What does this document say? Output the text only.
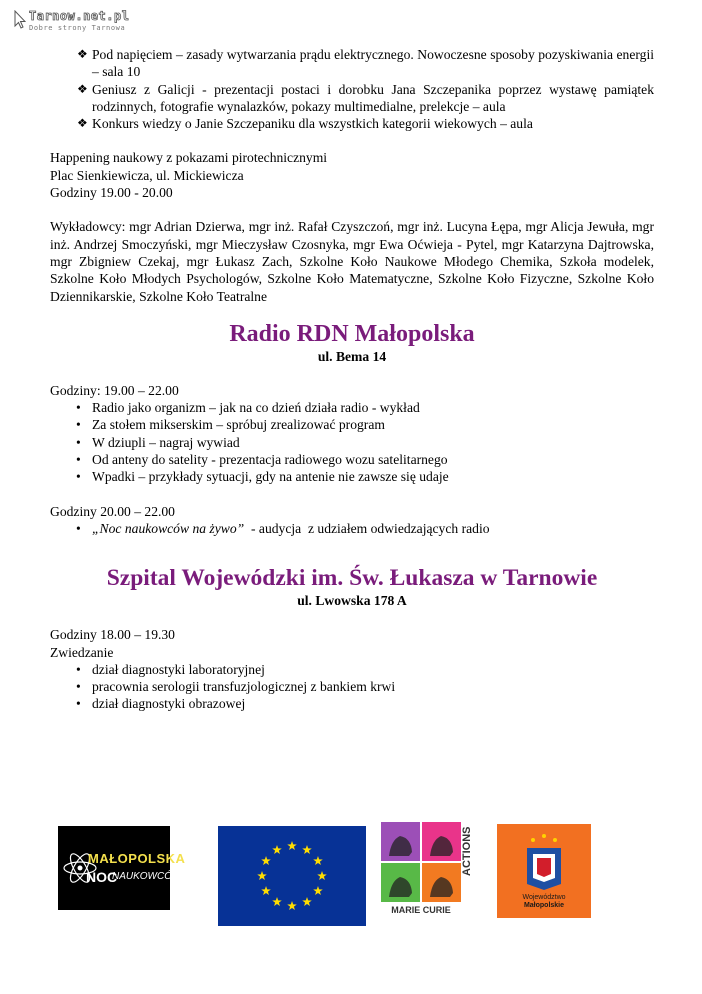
Tarnow.net.pl
Dobre strony Tarnowa
❖ Pod napięciem – zasady wytwarzania prądu elektrycznego. Nowoczesne sposoby pozyskiwania energii – sala 10
❖ Geniusz z Galicji - prezentacji postaci i dorobku Jana Szczepanika poprzez wystawę pamiątek rodzinnych, fotografie wynalazków, pokazy multimedialne, prelekcje – aula
❖ Konkurs wiedzy o Janie Szczepaniku dla wszystkich kategorii wiekowych – aula

Happening naukowy z pokazami pirotechnicznymi

Plac Sienkiewicza, ul. Mickiewicza

Godziny 19.00 - 20.00

Wykładowcy: mgr Adrian Dzierwa, mgr inż. Rafał Czyszczoń, mgr inż. Lucyna Łępa, mgr Alicja Jewuła, mgr inż. Andrzej Smoczyński, mgr Mieczysław Czosnyka, mgr Ewa Oćwieja - Pytel, mgr Katarzyna Dajtrowska, mgr Zbigniew Czekaj, mgr Łukasz Zach, Szkolne Koło Naukowe Młodego Chemika, Szkoła modelek, Szkolne Koło Młodych Psychologów, Szkolne Koło Matematyczne, Szkolne Koło Fizyczne, Szkolne Koło Dziennikarskie, Szkolne Koło Teatralne

Radio RDN Małopolska
ul. Bema 14

Godziny: 19.00 – 22.00

• Radio jako organizm – jak na co dzień działa radio - wykład
• Za stołem mikserskim – spróbuj zrealizować program
• W dziupli – nagraj wywiad
• Od anteny do satelity - prezentacja radiowego wozu satelitarnego
• Wpadki – przykłady sytuacji, gdy na antenie nie zawsze się udaje

Godziny 20.00 – 22.00

• „Noc naukowców na żywo”  - audycja  z udziałem odwiedzających radio
Szpital Wojewódzki im. Św. Łukasza w Tarnowie
ul. Lwowska 178 A

Godziny 18.00 – 19.30

Zwiedzanie

• dział diagnostyki laboratoryjnej
• pracownia serologii transfuzjologicznej z bankiem krwi
• dział diagnostyki obrazowej
MAŁOPOLSKA
NOC
NAUKOWCÓW
MARIE CURIE
ACTIONS
Województwo
Małopolskie
